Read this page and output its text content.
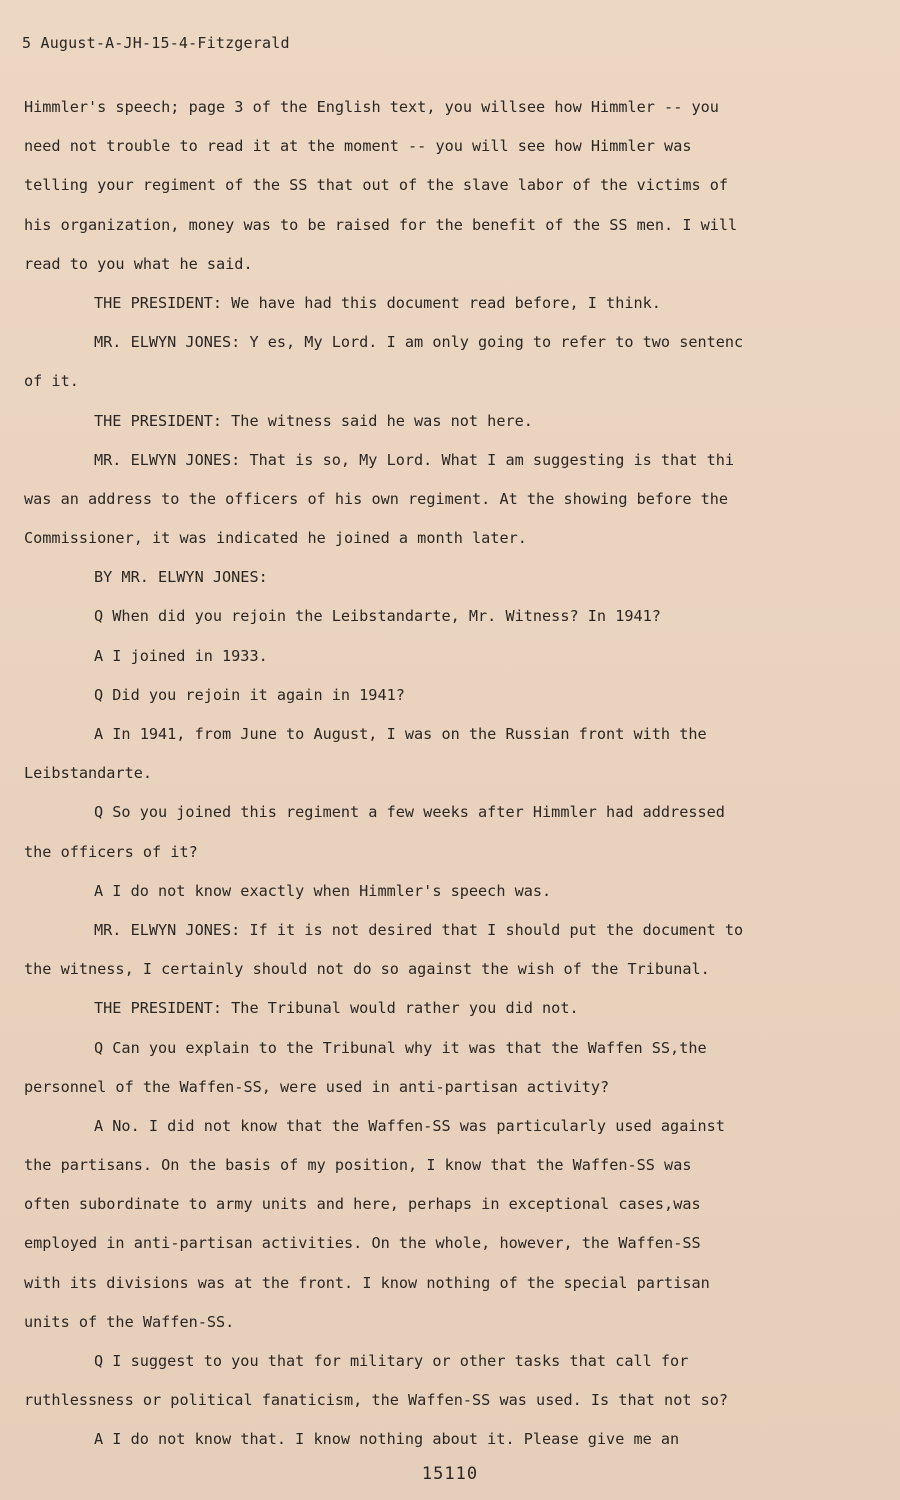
5 August-A-JH-15-4-Fitzgerald
Himmler's speech; page 3 of the English text, you willsee how Himmler -- you
need not trouble to read it at the moment -- you will see how Himmler was
telling your regiment of the SS that out of the slave labor of the victims of
his organization, money was to be raised for the benefit of the SS men. I will
read to you what he said.
THE PRESIDENT: We have had this document read before, I think.
MR. ELWYN JONES: Y es, My Lord. I am only going to refer to two sentenc
of it.
THE PRESIDENT: The witness said he was not here.
MR. ELWYN JONES: That is so, My Lord. What I am suggesting is that thi
was an address to the officers of his own regiment. At the showing before the
Commissioner, it was indicated he joined a month later.
BY MR. ELWYN JONES:
Q When did you rejoin the Leibstandarte, Mr. Witness? In 1941?
A I joined in 1933.
Q Did you rejoin it again in 1941?
A In 1941, from June to August, I was on the Russian front with the
Leibstandarte.
Q So you joined this regiment a few weeks after Himmler had addressed
the officers of it?
A I do not know exactly when Himmler's speech was.
MR. ELWYN JONES: If it is not desired that I should put the document to
the witness, I certainly should not do so against the wish of the Tribunal.
THE PRESIDENT: The Tribunal would rather you did not.
Q Can you explain to the Tribunal why it was that the Waffen SS,the
personnel of the Waffen-SS, were used in anti-partisan activity?
A No. I did not know that the Waffen-SS was particularly used against
the partisans. On the basis of my position, I know that the Waffen-SS was
often subordinate to army units and here, perhaps in exceptional cases,was
employed in anti-partisan activities. On the whole, however, the Waffen-SS
with its divisions was at the front. I know nothing of the special partisan
units of the Waffen-SS.
Q I suggest to you that for military or other tasks that call for
ruthlessness or political fanaticism, the Waffen-SS was used. Is that not so?
A I do not know that. I know nothing about it. Please give me an
15110
